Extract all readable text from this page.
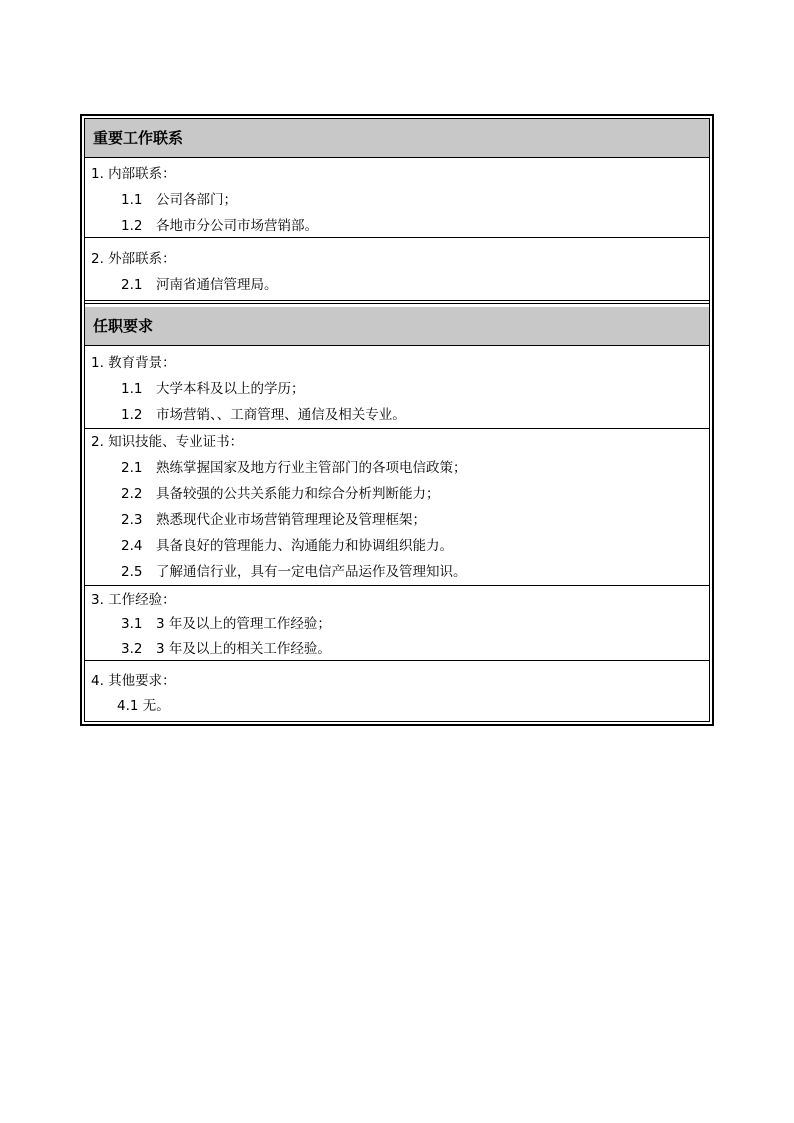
重要工作联系
1. 内部联系：
1.1　公司各部门；
1.2　各地市分公司市场营销部。
2. 外部联系：
2.1　河南省通信管理局。
任职要求
1. 教育背景：
1.1　大学本科及以上的学历；
1.2　市场营销、、工商管理、通信及相关专业。
2. 知识技能、专业证书：
2.1　熟练掌握国家及地方行业主管部门的各项电信政策；
2.2　具备较强的公共关系能力和综合分析判断能力；
2.3　熟悉现代企业市场营销管理理论及管理框架；
2.4　具备良好的管理能力、沟通能力和协调组织能力。
2.5　了解通信行业，具有一定电信产品运作及管理知识。
3. 工作经验：
3.1　3 年及以上的管理工作经验；
3.2　3 年及以上的相关工作经验。
4. 其他要求：
4.1 无。
